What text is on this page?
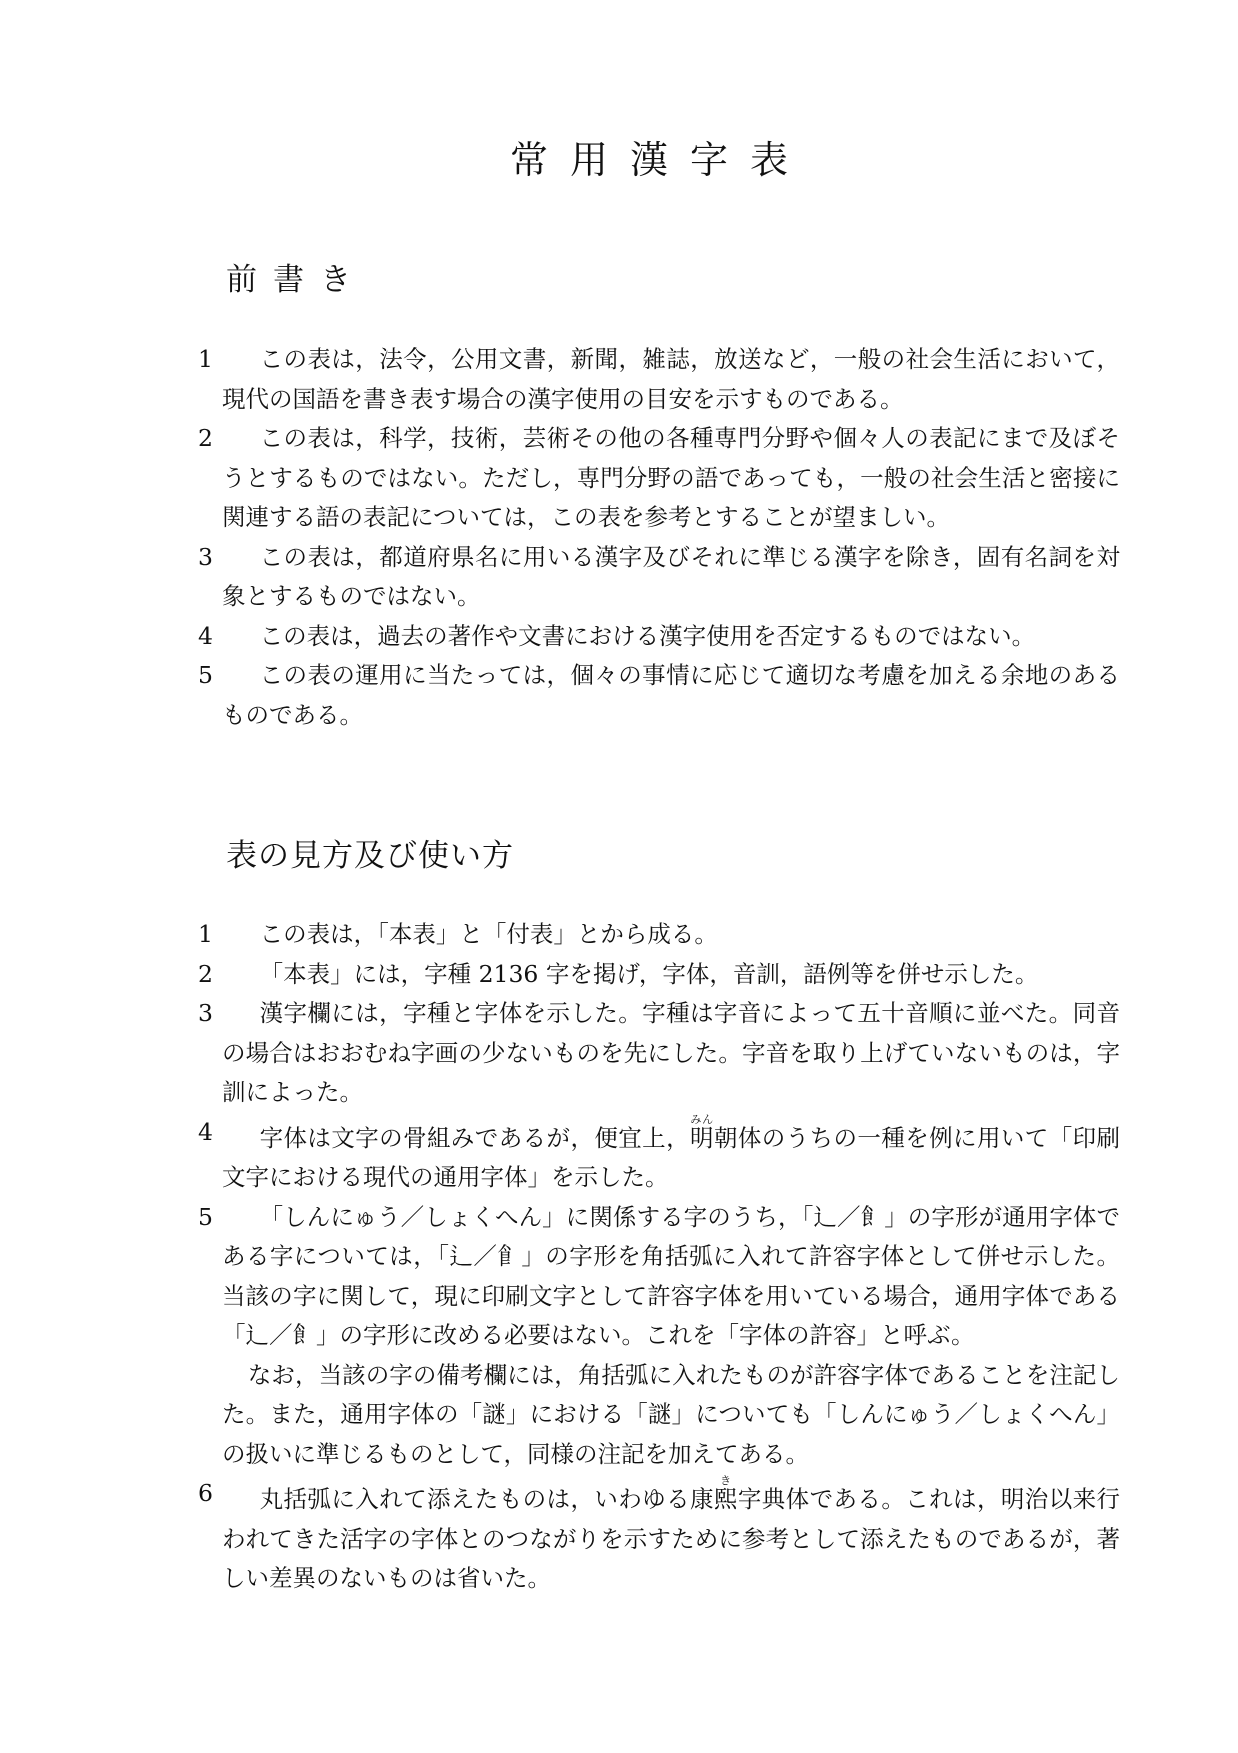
常用漢字表
前書き
1	この表は，法令，公用文書，新聞，雑誌，放送など，一般の社会生活において，現代の国語を書き表す場合の漢字使用の目安を示すものである。
2	この表は，科学，技術，芸術その他の各種専門分野や個々人の表記にまで及ぼそうとするものではない。ただし，専門分野の語であっても，一般の社会生活と密接に関連する語の表記については，この表を参考とすることが望ましい。
3	この表は，都道府県名に用いる漢字及びそれに準じる漢字を除き，固有名詞を対象とするものではない。
4	この表は，過去の著作や文書における漢字使用を否定するものではない。
5	この表の運用に当たっては，個々の事情に応じて適切な考慮を加える余地のあるものである。
表の見方及び使い方
1	この表は，「本表」と「付表」とから成る。
2	「本表」には，字種 2136 字を掲げ，字体，音訓，語例等を併せ示した。
3	漢字欄には，字種と字体を示した。字種は字音によって五十音順に並べた。同音の場合はおおむね字画の少ないものを先にした。字音を取り上げていないものは，字訓によった。
4	字体は文字の骨組みであるが，便宜上，明みん朝体のうちの一種を例に用いて「印刷文字における現代の通用字体」を示した。
5	「しんにゅう／しょくへん」に関係する字のうち，「辶／飠」の字形が通用字体である字については，「⻍／𩙿」の字形を角括弧に入れて許容字体として併せ示した。当該の字に関して，現に印刷文字として許容字体を用いている場合，通用字体である「辶／飠」の字形に改める必要はない。これを「字体の許容」と呼ぶ。
なお，当該の字の備考欄には，角括弧に入れたものが許容字体であることを注記した。また，通用字体の「謎」における「謎」についても「しんにゅう／しょくへん」の扱いに準じるものとして，同様の注記を加えてある。
6	丸括弧に入れて添えたものは，いわゆる康熙き字典体である。これは，明治以来行われてきた活字の字体とのつながりを示すために参考として添えたものであるが，著しい差異のないものは省いた。
